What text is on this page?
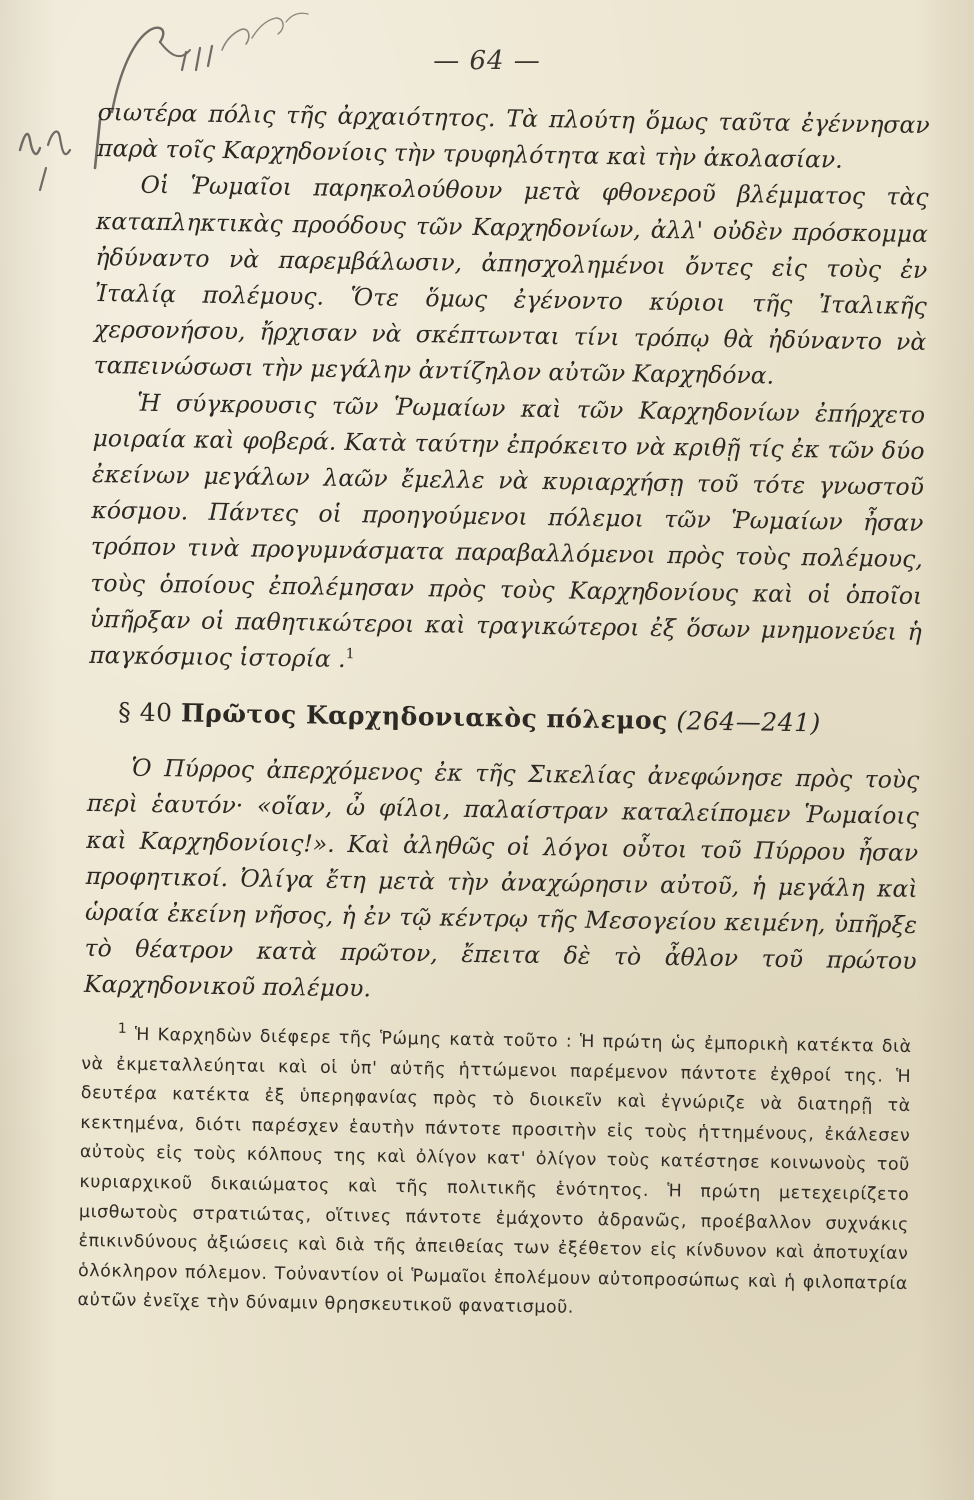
— 64 —

σιωτέρα πόλις τῆς ἀρχαιότητος. Τὰ πλούτη ὅμως ταῦτα ἐγέννησαν παρὰ τοῖς Καρχηδονίοις τὴν τρυφηλότητα καὶ τὴν ἀκολασίαν.

Οἱ Ῥωμαῖοι παρηκολούθουν μετὰ φθονεροῦ βλέμματος τὰς καταπληκτικὰς προόδους τῶν Καρχηδονίων, ἀλλ' οὐδὲν πρόσκομμα ἠδύναντο νὰ παρεμβάλωσιν, ἀπησχολημένοι ὄντες εἰς τοὺς ἐν Ἰταλίᾳ πολέμους. Ὅτε ὅμως ἐγένοντο κύριοι τῆς Ἰταλικῆς χερσονήσου, ἤρχισαν νὰ σκέπτωνται τίνι τρόπῳ θὰ ἠδύναντο νὰ ταπεινώσωσι τὴν μεγάλην ἀντίζηλον αὐτῶν Καρχηδόνα.

Ἡ σύγκρουσις τῶν Ῥωμαίων καὶ τῶν Καρχηδονίων ἐπήρχετο μοιραία καὶ φοβερά. Κατὰ ταύτην ἐπρόκειτο νὰ κριθῇ τίς ἐκ τῶν δύο ἐκείνων μεγάλων λαῶν ἔμελλε νὰ κυριαρχήσῃ τοῦ τότε γνωστοῦ κόσμου. Πάντες οἱ προηγούμενοι πόλεμοι τῶν Ῥωμαίων ἦσαν τρόπον τινὰ προγυμνάσματα παραβαλλόμενοι πρὸς τοὺς πολέμους, τοὺς ὁποίους ἐπολέμησαν πρὸς τοὺς Καρχηδονίους καὶ οἱ ὁποῖοι ὑπῆρξαν οἱ παθητικώτεροι καὶ τραγικώτεροι ἐξ ὅσων μνημονεύει ἡ παγκόσμιος ἱστορία .$^1$

§ 40 Πρῶτος Καρχηδονιακὸς πόλεμος (264—241)

Ὁ Πύρρος ἀπερχόμενος ἐκ τῆς Σικελίας ἀνεφώνησε πρὸς τοὺς περὶ ἑαυτόν· «οἵαν, ὦ φίλοι, παλαίστραν καταλείπομεν Ῥωμαίοις καὶ Καρχηδονίοις!». Καὶ ἀληθῶς οἱ λόγοι οὗτοι τοῦ Πύρρου ἦσαν προφητικοί. Ὀλίγα ἔτη μετὰ τὴν ἀναχώρησιν αὐτοῦ, ἡ μεγάλη καὶ ὡραία ἐκείνη νῆσος, ἡ ἐν τῷ κέντρῳ τῆς Μεσογείου κειμένη, ὑπῆρξε τὸ θέατρον κατὰ πρῶτον, ἔπειτα δὲ τὸ ἆθλον τοῦ πρώτου Καρχηδονικοῦ πολέμου.

$^1$ Ἡ Καρχηδὼν διέφερε τῆς Ῥώμης κατὰ τοῦτο : Ἡ πρώτη ὡς ἐμπορικὴ κατέκτα διὰ νὰ ἐκμεταλλεύηται καὶ οἱ ὑπ' αὐτῆς ἡττώμενοι παρέμενον πάντοτε ἐχθροί της. Ἡ δευτέρα κατέκτα ἐξ ὑπερηφανίας πρὸς τὸ διοικεῖν καὶ ἐγνώριζε νὰ διατηρῇ τὰ κεκτημένα, διότι παρέσχεν ἑαυτὴν πάντοτε προσιτὴν εἰς τοὺς ἡττημένους, ἐκάλεσεν αὐτοὺς εἰς τοὺς κόλπους της καὶ ὀλίγον κατ' ὀλίγον τοὺς κατέστησε κοινωνοὺς τοῦ κυριαρχικοῦ δικαιώματος καὶ τῆς πολιτικῆς ἑνότητος. Ἡ πρώτη μετεχειρίζετο μισθωτοὺς στρατιώτας, οἵτινες πάντοτε ἐμάχοντο ἀδρανῶς, προέβαλλον συχνάκις ἐπικινδύνους ἀξιώσεις καὶ διὰ τῆς ἀπειθείας των ἐξέθετον εἰς κίνδυνον καὶ ἀποτυχίαν ὁλόκληρον πόλεμον. Τοὐναντίον οἱ Ῥωμαῖοι ἐπολέμουν αὐτοπροσώπως καὶ ἡ φιλοπατρία αὐτῶν ἐνεῖχε τὴν δύναμιν θρησκευτικοῦ φανατισμοῦ.
